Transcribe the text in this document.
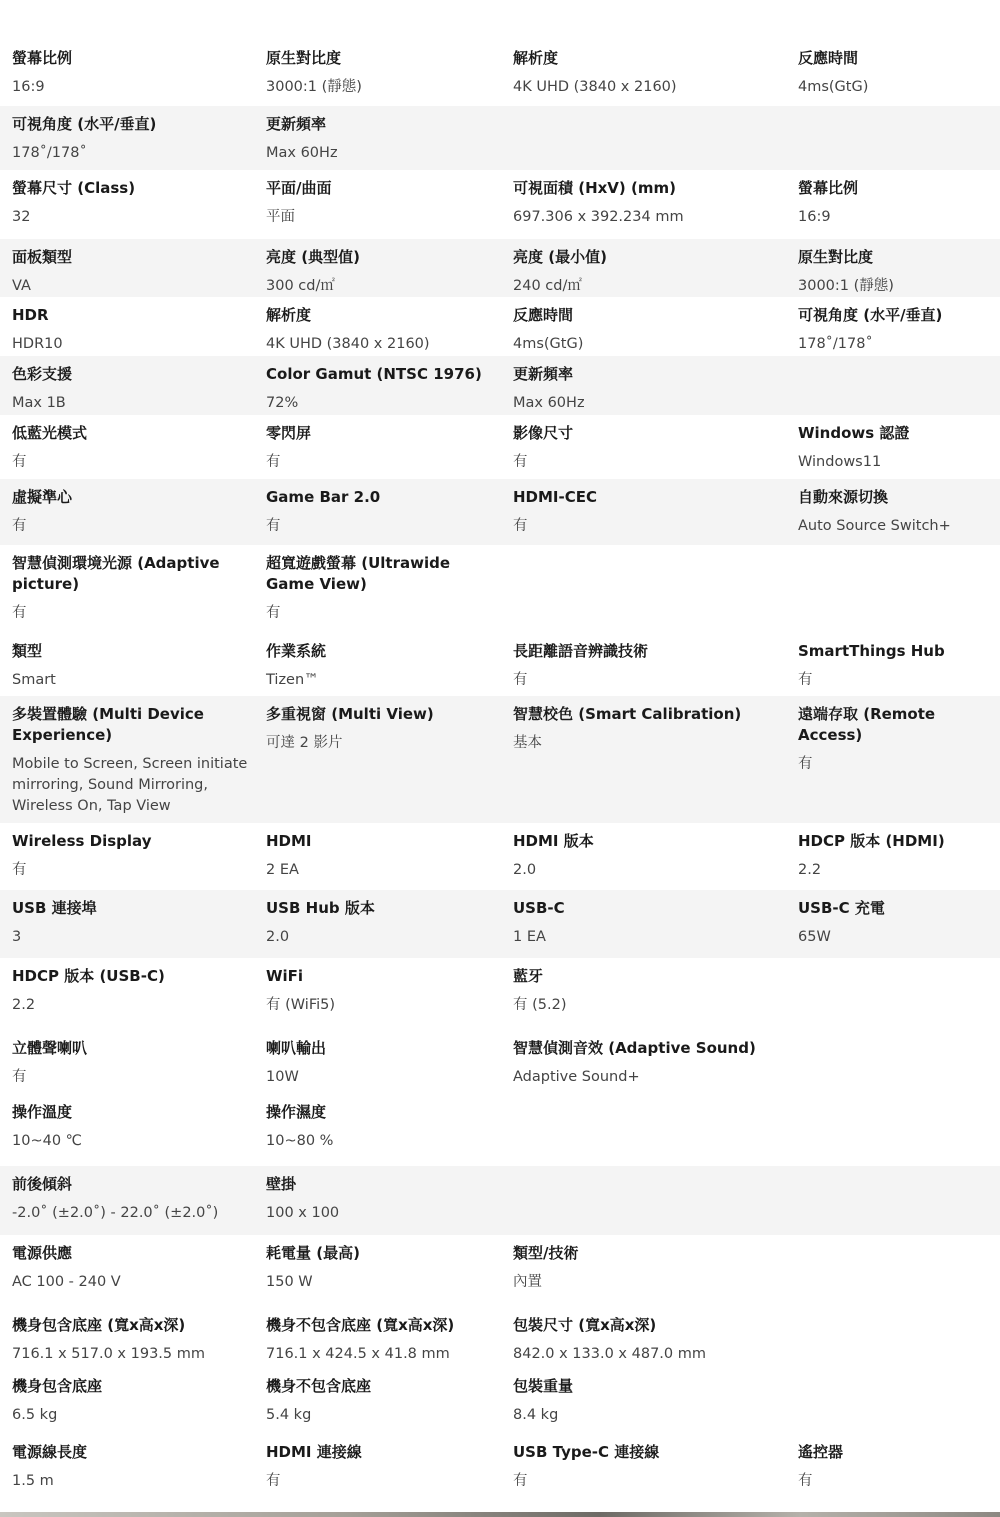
螢幕比例
16:9
原生對比度
3000:1 (靜態)
解析度
4K UHD (3840 x 2160)
反應時間
4ms(GtG)
可視角度 (水平/垂直)
178˚/178˚
更新頻率
Max 60Hz
螢幕尺寸 (Class)
32
平面/曲面
平面
可視面積 (HxV) (mm)
697.306 x 392.234 mm
螢幕比例
16:9
面板類型
VA
亮度 (典型值)
300 cd/㎡
亮度 (最小值)
240 cd/㎡
原生對比度
3000:1 (靜態)
HDR
HDR10
解析度
4K UHD (3840 x 2160)
反應時間
4ms(GtG)
可視角度 (水平/垂直)
178˚/178˚
色彩支援
Max 1B
Color Gamut (NTSC 1976)
72%
更新頻率
Max 60Hz
低藍光模式
有
零閃屏
有
影像尺寸
有
Windows 認證
Windows11
虛擬準心
有
Game Bar 2.0
有
HDMI-CEC
有
自動來源切換
Auto Source Switch+
智慧偵測環境光源 (Adaptive picture)
有
超寬遊戲螢幕 (Ultrawide Game View)
有
類型
Smart
作業系統
Tizen™
長距離語音辨識技術
有
SmartThings Hub
有
多裝置體驗 (Multi Device Experience)
Mobile to Screen, Screen initiate mirroring, Sound Mirroring, Wireless On, Tap View
多重視窗 (Multi View)
可達 2 影片
智慧校色 (Smart Calibration)
基本
遠端存取 (Remote Access)
有
Wireless Display
有
HDMI
2 EA
HDMI 版本
2.0
HDCP 版本 (HDMI)
2.2
USB 連接埠
3
USB Hub 版本
2.0
USB-C
1 EA
USB-C 充電
65W
HDCP 版本 (USB-C)
2.2
WiFi
有 (WiFi5)
藍牙
有 (5.2)
立體聲喇叭
有
喇叭輸出
10W
智慧偵測音效 (Adaptive Sound)
Adaptive Sound+
操作溫度
10~40 ℃
操作濕度
10~80 %
前後傾斜
-2.0˚ (±2.0˚) - 22.0˚ (±2.0˚)
壁掛
100 x 100
電源供應
AC 100 - 240 V
耗電量 (最高)
150 W
類型/技術
內置
機身包含底座 (寬x高x深)
716.1 x 517.0 x 193.5 mm
機身不包含底座 (寬x高x深)
716.1 x 424.5 x 41.8 mm
包裝尺寸 (寬x高x深)
842.0 x 133.0 x 487.0 mm
機身包含底座
6.5 kg
機身不包含底座
5.4 kg
包裝重量
8.4 kg
電源線長度
1.5 m
HDMI 連接線
有
USB Type-C 連接線
有
遙控器
有
